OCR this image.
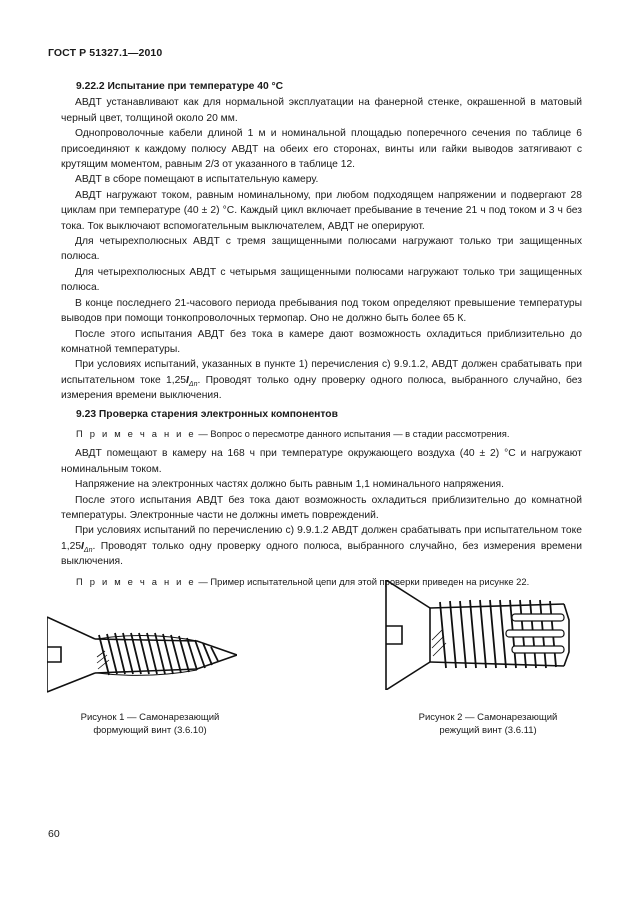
ГОСТ Р 51327.1—2010
9.22.2 Испытание при температуре 40 °С

АВДТ устанавливают как для нормальной эксплуатации на фанерной стенке, окрашенной в матовый черный цвет, толщиной около 20 мм.

Однопроволочные кабели длиной 1 м и номинальной площадью поперечного сечения по таблице 6 присоединяют к каждому полюсу АВДТ на обеих его сторонах, винты или гайки выводов затягивают с крутящим моментом, равным 2/3 от указанного в таблице 12.

АВДТ в сборе помещают в испытательную камеру.

АВДТ нагружают током, равным номинальному, при любом подходящем напряжении и подвергают 28 циклам при температуре (40 ± 2) °С. Каждый цикл включает пребывание в течение 21 ч под током и 3 ч без тока. Ток выключают вспомогательным выключателем, АВДТ не оперируют.

Для четырехполюсных АВДТ с тремя защищенными полюсами нагружают только три защищенных полюса.

Для четырехполюсных АВДТ с четырьмя защищенными полюсами нагружают только три защищенных полюса.

В конце последнего 21-часового периода пребывания под током определяют превышение температуры выводов при помощи тонкопроволочных термопар. Оно не должно быть более 65 К.

После этого испытания АВДТ без тока в камере дают возможность охладиться приблизительно до комнатной температуры.

При условиях испытаний, указанных в пункте 1) перечисления с) 9.9.1.2, АВДТ должен срабатывать при испытательном токе $1,25I_{\Delta n}$. Проводят только одну проверку одного полюса, выбранного случайно, без измерения времени выключения.

9.23 Проверка старения электронных компонентов

П р и м е ч а н и е — Вопрос о пересмотре данного испытания — в стадии рассмотрения.

АВДТ помещают в камеру на 168 ч при температуре окружающего воздуха (40 ± 2) °С и нагружают номинальным током.

Напряжение на электронных частях должно быть равным 1,1 номинального напряжения.

После этого испытания АВДТ без тока дают возможность охладиться приблизительно до комнатной температуры. Электронные части не должны иметь повреждений.

При условиях испытаний по перечислению с) 9.9.1.2 АВДТ должен срабатывать при испытательном токе $1,25I_{\Delta n}$. Проводят только одну проверку одного полюса, выбранного случайно, без измерения времени выключения.

П р и м е ч а н и е — Пример испытательной цепи для этой проверки приведен на рисунке 22.

Рисунок 1 — Самонарезающий
формующий винт (3.6.10)
Рисунок 2 — Самонарезающий
режущий винт (3.6.11)
60
